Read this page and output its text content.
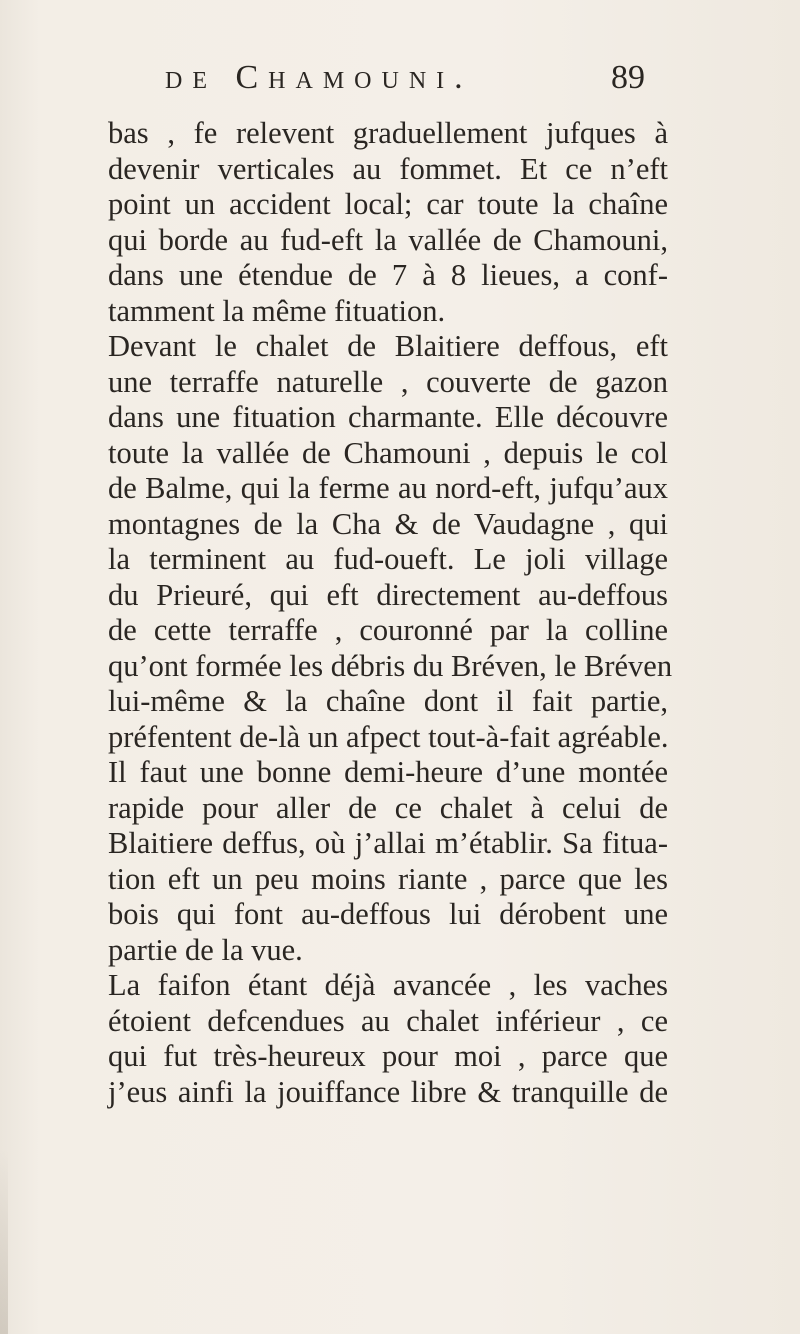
de Chamouni.	89
bas , fe relevent graduellement jufques à
devenir verticales au fommet. Et ce n’eft
point un accident local; car toute la chaîne
qui borde au fud-eft la vallée de Chamouni,
dans une étendue de 7 à 8 lieues, a conf-
tamment la même fituation.
Devant le chalet de Blaitiere deffous, eft
une terraffe naturelle , couverte de gazon
dans une fituation charmante. Elle découvre
toute la vallée de Chamouni , depuis le col
de Balme, qui la ferme au nord-eft, jufqu’aux
montagnes de la Cha & de Vaudagne , qui
la terminent au fud-oueft. Le joli village
du Prieuré, qui eft directement au-deffous
de cette terraffe , couronné par la colline
qu’ont formée les débris du Bréven, le Bréven
lui-même & la chaîne dont il fait partie,
préfentent de-là un afpect tout-à-fait agréable.
Il faut une bonne demi-heure d’une montée
rapide pour aller de ce chalet à celui de
Blaitiere deffus, où j’allai m’établir. Sa fitua-
tion eft un peu moins riante , parce que les
bois qui font au-deffous lui dérobent une
partie de la vue.
La faifon étant déjà avancée , les vaches
étoient defcendues au chalet inférieur , ce
qui fut très-heureux pour moi , parce que
j’eus ainfi la jouiffance libre & tranquille de
